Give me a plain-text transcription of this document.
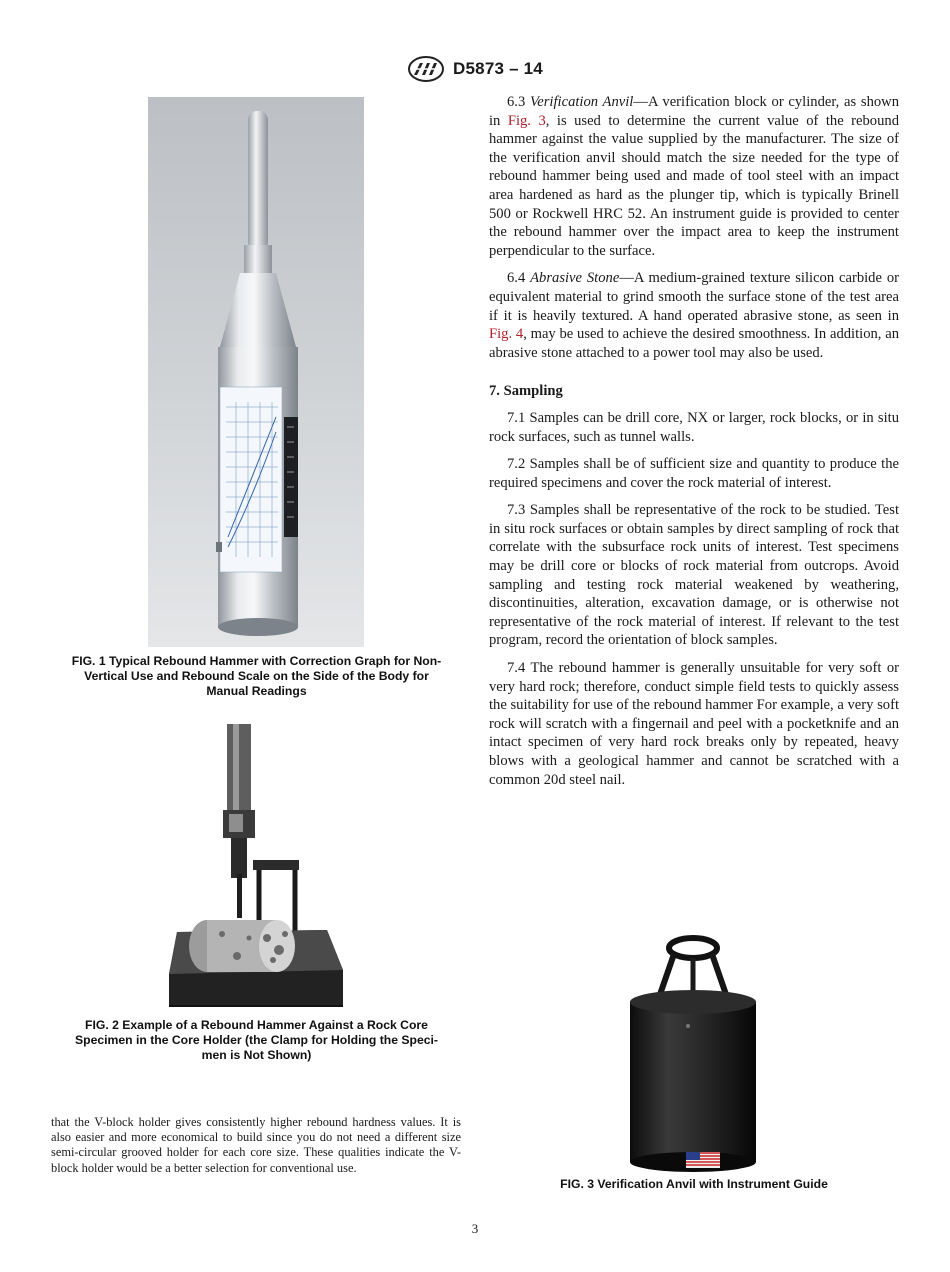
D5873 – 14
FIG. 1 Typical Rebound Hammer with Correction Graph for Non-
Vertical Use and Rebound Scale on the Side of the Body for
Manual Readings
FIG. 2 Example of a Rebound Hammer Against a Rock Core
Specimen in the Core Holder (the Clamp for Holding the Speci-
men is Not Shown)
that the V-block holder gives consistently higher rebound hardness values. It is also easier and more economical to build since you do not need a different size semi-circular grooved holder for each core size. These qualities indicate the V-block holder would be a better selection for conventional use.

6.3 Verification Anvil—A verification block or cylinder, as shown in Fig. 3, is used to determine the current value of the rebound hammer against the value supplied by the manufacturer. The size of the verification anvil should match the size needed for the type of rebound hammer being used and made of tool steel with an impact area hardened as hard as the plunger tip, which is typically Brinell 500 or Rockwell HRC 52. An instrument guide is provided to center the rebound hammer over the impact area to keep the instrument perpendicular to the surface.

6.4 Abrasive Stone—A medium-grained texture silicon carbide or equivalent material to grind smooth the surface stone of the test area if it is heavily textured. A hand operated abrasive stone, as seen in Fig. 4, may be used to achieve the desired smoothness. In addition, an abrasive stone attached to a power tool may also be used.

7. Sampling

7.1 Samples can be drill core, NX or larger, rock blocks, or in situ rock surfaces, such as tunnel walls.

7.2 Samples shall be of sufficient size and quantity to produce the required specimens and cover the rock material of interest.

7.3 Samples shall be representative of the rock to be studied. Test in situ rock surfaces or obtain samples by direct sampling of rock that correlate with the subsurface rock units of interest. Test specimens may be drill core or blocks of rock material from outcrops. Avoid sampling and testing rock material weakened by weathering, discontinuities, alteration, excavation damage, or is otherwise not representative of the rock material of interest. If relevant to the test program, record the orientation of block samples.

7.4 The rebound hammer is generally unsuitable for very soft or very hard rock; therefore, conduct simple field tests to quickly assess the suitability for use of the rebound hammer For example, a very soft rock will scratch with a fingernail and peel with a pocketknife and an intact specimen of very hard rock breaks only by repeated, heavy blows with a geological hammer and cannot be scratched with a common 20d steel nail.

FIG. 3 Verification Anvil with Instrument Guide
3
